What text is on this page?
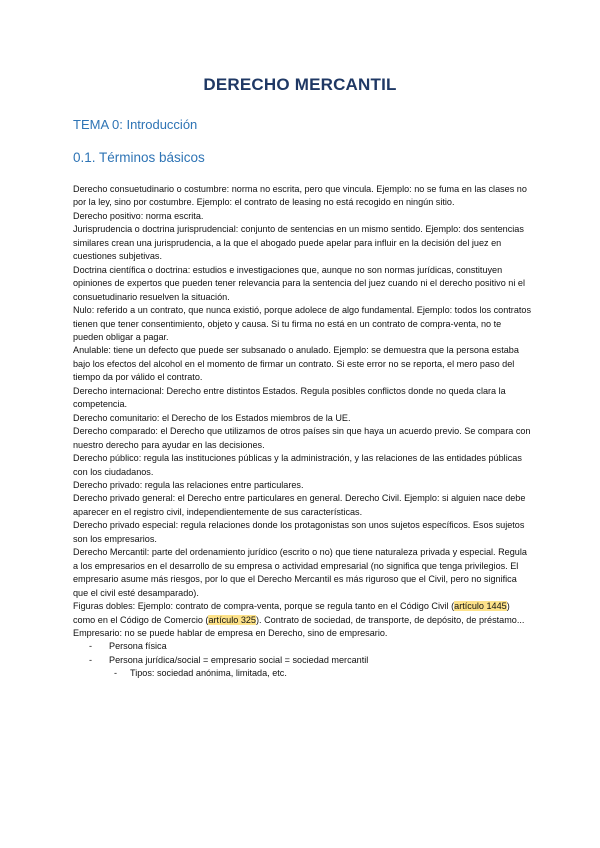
DERECHO MERCANTIL
TEMA 0: Introducción
0.1. Términos básicos

Derecho consuetudinario o costumbre: norma no escrita, pero que vincula. Ejemplo: no se fuma en las clases no por la ley, sino por costumbre. Ejemplo: el contrato de leasing no está recogido en ningún sitio.

Derecho positivo: norma escrita.

Jurisprudencia o doctrina jurisprudencial: conjunto de sentencias en un mismo sentido. Ejemplo: dos sentencias similares crean una jurisprudencia, a la que el abogado puede apelar para influir en la decisión del juez en cuestiones subjetivas.

Doctrina científica o doctrina: estudios e investigaciones que, aunque no son normas jurídicas, constituyen opiniones de expertos que pueden tener relevancia para la sentencia del juez cuando ni el derecho positivo ni el consuetudinario resuelven la situación.

Nulo: referido a un contrato, que nunca existió, porque adolece de algo fundamental. Ejemplo: todos los contratos tienen que tener consentimiento, objeto y causa. Si tu firma no está en un contrato de compra-venta, no te pueden obligar a pagar.

Anulable: tiene un defecto que puede ser subsanado o anulado. Ejemplo: se demuestra que la persona estaba bajo los efectos del alcohol en el momento de firmar un contrato. Si este error no se reporta, el mero paso del tiempo da por válido el contrato.

Derecho internacional: Derecho entre distintos Estados. Regula posibles conflictos donde no queda clara la competencia.

Derecho comunitario: el Derecho de los Estados miembros de la UE.

Derecho comparado: el Derecho que utilizamos de otros países sin que haya un acuerdo previo. Se compara con nuestro derecho para ayudar en las decisiones.

Derecho público: regula las instituciones públicas y la administración, y las relaciones de las entidades públicas con los ciudadanos.

Derecho privado: regula las relaciones entre particulares.

Derecho privado general: el Derecho entre particulares en general. Derecho Civil. Ejemplo: si alguien nace debe aparecer en el registro civil, independientemente de sus características.

Derecho privado especial: regula relaciones donde los protagonistas son unos sujetos específicos. Esos sujetos son los empresarios.

Derecho Mercantil: parte del ordenamiento jurídico (escrito o no) que tiene naturaleza privada y especial. Regula a los empresarios en el desarrollo de su empresa o actividad empresarial (no significa que tenga privilegios. El empresario asume más riesgos, por lo que el Derecho Mercantil es más riguroso que el Civil, pero no significa que el civil esté desamparado).

Figuras dobles: Ejemplo: contrato de compra-venta, porque se regula tanto en el Código Civil (artículo 1445) como en el Código de Comercio (artículo 325). Contrato de sociedad, de transporte, de depósito, de préstamo...

Empresario: no se puede hablar de empresa en Derecho, sino de empresario.

- Persona física
- Persona jurídica/social = empresario social = sociedad mercantil
- Tipos: sociedad anónima, limitada, etc.
